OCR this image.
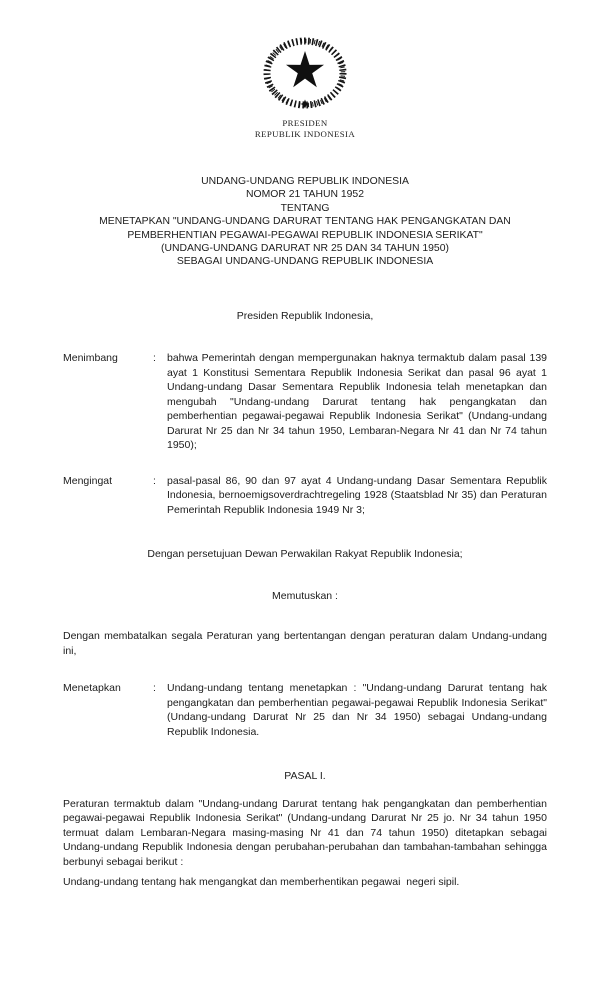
PRESIDEN
REPUBLIK INDONESIA
UNDANG-UNDANG REPUBLIK INDONESIA
NOMOR 21 TAHUN 1952
TENTANG
MENETAPKAN "UNDANG-UNDANG DARURAT TENTANG HAK PENGANGKATAN DAN
PEMBERHENTIAN PEGAWAI-PEGAWAI REPUBLIK INDONESIA SERIKAT"
(UNDANG-UNDANG DARURAT NR 25 DAN 34 TAHUN 1950)
SEBAGAI UNDANG-UNDANG REPUBLIK INDONESIA

Presiden Republik Indonesia,

Menimbang	:	bahwa Pemerintah dengan mempergunakan haknya termaktub dalam pasal 139 ayat 1 Konstitusi Sementara Republik Indonesia Serikat dan pasal 96 ayat 1 Undang-undang Dasar Sementara Republik Indonesia telah menetapkan dan mengubah "Undang-undang Darurat tentang hak pengangkatan dan pemberhentian pegawai-pegawai Republik Indonesia Serikat" (Undang-undang Darurat Nr 25 dan Nr 34 tahun 1950, Lembaran-Negara Nr 41 dan Nr 74 tahun 1950);
Mengingat	:	pasal-pasal 86, 90 dan 97 ayat 4 Undang-undang Dasar Sementara Republik Indonesia, bernoemigsoverdrachtregeling 1928 (Staatsblad Nr 35) dan Peraturan Pemerintah Republik Indonesia 1949 Nr 3;

Dengan persetujuan Dewan Perwakilan Rakyat Republik Indonesia;

Memutuskan :

Dengan membatalkan segala Peraturan yang bertentangan dengan peraturan dalam Undang-undang ini,

Menetapkan	:	Undang-undang tentang menetapkan : "Undang-undang Darurat tentang hak pengangkatan dan pemberhentian pegawai-pegawai Republik Indonesia Serikat" (Undang-undang Darurat Nr 25 dan Nr 34 1950) sebagai Undang-undang Republik Indonesia.

PASAL I.

Peraturan termaktub dalam "Undang-undang Darurat tentang hak pengangkatan dan pemberhentian pegawai-pegawai Republik Indonesia Serikat" (Undang-undang Darurat Nr 25 jo. Nr 34 tahun 1950 termuat dalam Lembaran-Negara masing-masing Nr 41 dan 74 tahun 1950) ditetapkan sebagai Undang-undang Republik Indonesia dengan perubahan-perubahan dan tambahan-tambahan sehingga berbunyi sebagai berikut :

Undang-undang tentang hak mengangkat dan memberhentikan pegawai  negeri sipil.
